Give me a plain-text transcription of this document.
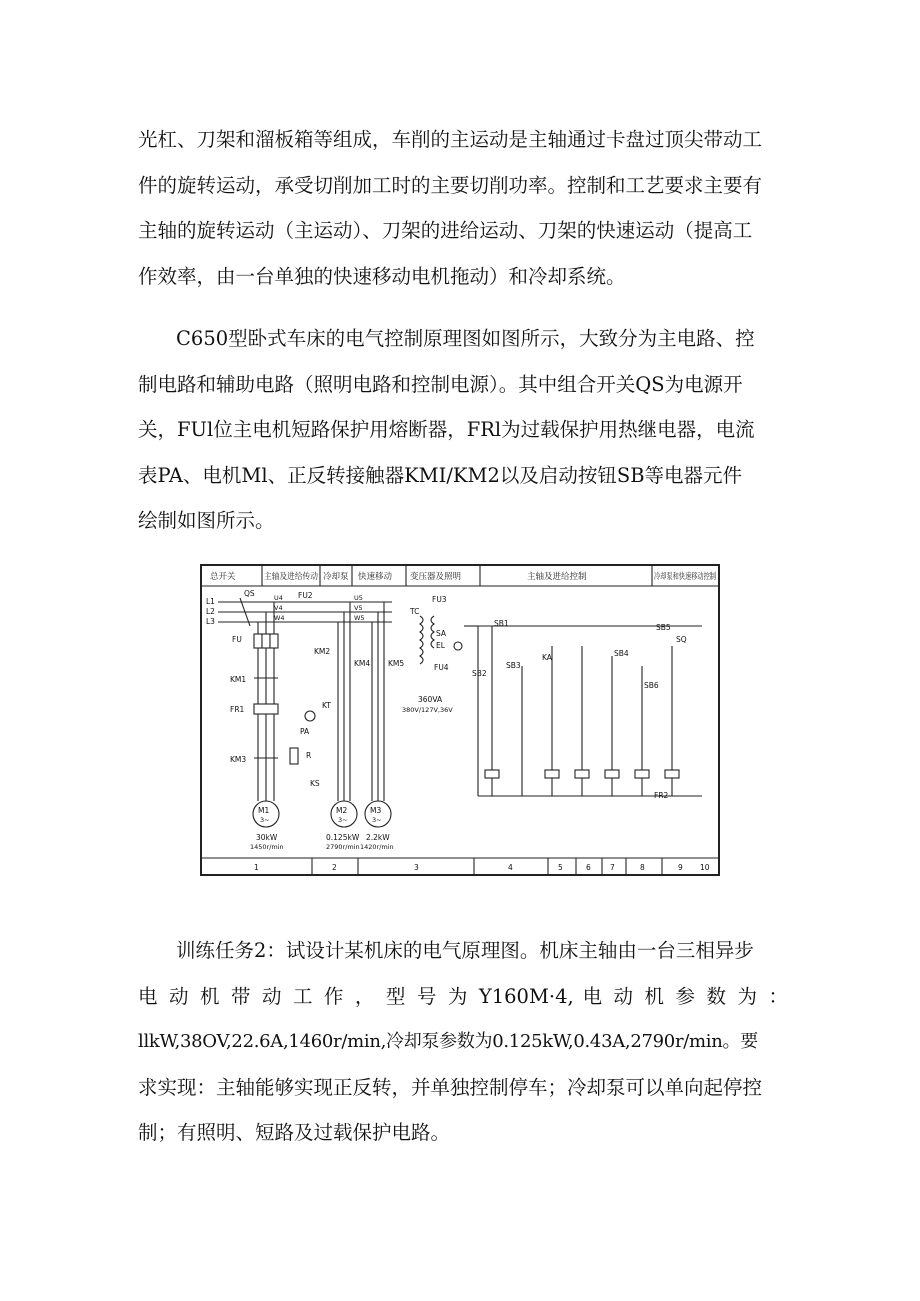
光杠、刀架和溜板箱等组成，车削的主运动是主轴通过卡盘过顶尖带动工
件的旋转运动，承受切削加工时的主要切削功率。控制和工艺要求主要有
主轴的旋转运动（主运动）、刀架的进给运动、刀架的快速运动（提高工
作效率，由一台单独的快速移动电机拖动）和冷却系统。
C650型卧式车床的电气控制原理图如图所示，大致分为主电路、控
制电路和辅助电路（照明电路和控制电源）。其中组合开关QS为电源开
关，FUl位主电机短路保护用熔断器，FRl为过载保护用热继电器，电流
表PA、电机Ml、正反转接触器KMI/KM2以及启动按钮SB等电器元件
绘制如图所示。
总开关	主轴及进给传动 冷却泵 快速移动 变压器及照明	主轴及进给控制	冷却泵和快速移动控制
L1
L2
L3
QS	U4
V4
W4
FU2	U5
V5
W5
FU
KM1
FR1
KM3	R
KM2
KT
PA
KM4 KM5
KS
M1
3~
30kW
1450r/min
M2
3~
0.125kW
2790r/min
M3
3~
2.2kW
1420r/min
TC
FU3
SA
EL
FU4
360VA
380V/127V,36V
SB1
SB2
SB3
KA	SB4
SB5
SB6
SQ
FR2
1	2	3	4	5	6	7	8	9 10
训练任务2：试设计某机床的电气原理图。机床主轴由一台三相异步
电 动 机 带 动 工 作 ， 型 号 为 Y160M·4, 电 动 机 参 数 为 ：
llkW,38OV,22.6A,1460r/min,冷却泵参数为0.125kW,0.43A,2790r/min。要
求实现：主轴能够实现正反转，并单独控制停车；冷却泵可以单向起停控
制；有照明、短路及过载保护电路。
